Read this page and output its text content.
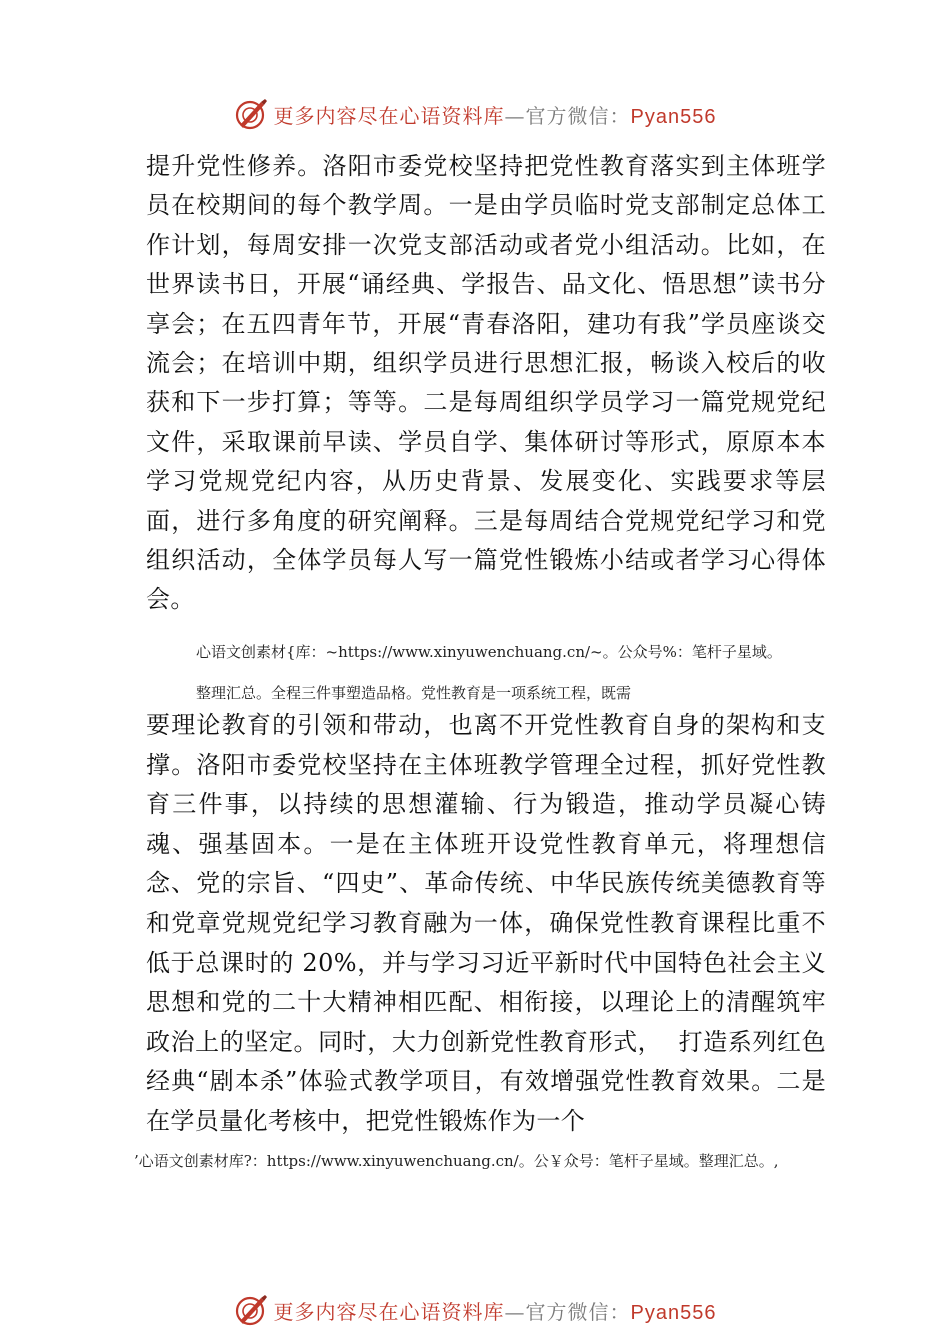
更多内容尽在心语资料库—官方微信：Pyan556
提升党性修养。洛阳市委党校坚持把党性教育落实到主体班学员在校期间的每个教学周。一是由学员临时党支部制定总体工作计划，每周安排一次党支部活动或者党小组活动。比如，在世界读书日，开展“诵经典、学报告、品文化、悟思想”读书分享会；在五四青年节，开展“青春洛阳，建功有我”学员座谈交流会；在培训中期，组织学员进行思想汇报，畅谈入校后的收获和下一步打算；等等。二是每周组织学员学习一篇党规党纪文件，采取课前早读、学员自学、集体研讨等形式，原原本本学习党规党纪内容，从历史背景、发展变化、实践要求等层面，进行多角度的研究阐释。三是每周结合党规党纪学习和党组织活动，全体学员每人写一篇党性锻炼小结或者学习心得体会。
心语文创素材{库：~https://www.xinyuwenchuang.cn/~。公众号%：笔杆子星域。
整理汇总。全程三件事塑造品格。党性教育是一项系统工程，既需
要理论教育的引领和带动，也离不开党性教育自身的架构和支撑。洛阳市委党校坚持在主体班教学管理全过程，抓好党性教育三件事，以持续的思想灌输、行为锻造，推动学员凝心铸魂、强基固本。一是在主体班开设党性教育单元，将理想信念、党的宗旨、“四史”、革命传统、中华民族传统美德教育等和党章党规党纪学习教育融为一体，确保党性教育课程比重不低于总课时的 20%，并与学习习近平新时代中国特色社会主义思想和党的二十大精神相匹配、相衔接，以理论上的清醒筑牢政治上的坚定。同时，大力创新党性教育形式，  打造系列红色经典“剧本杀”体验式教学项目，有效增强党性教育效果。二是在学员量化考核中，把党性锻炼作为一个
’心语文创素材库?：https://www.xinyuwenchuang.cn/。公￥众号：笔杆子星域。整理汇总。,
更多内容尽在心语资料库—官方微信：Pyan556
